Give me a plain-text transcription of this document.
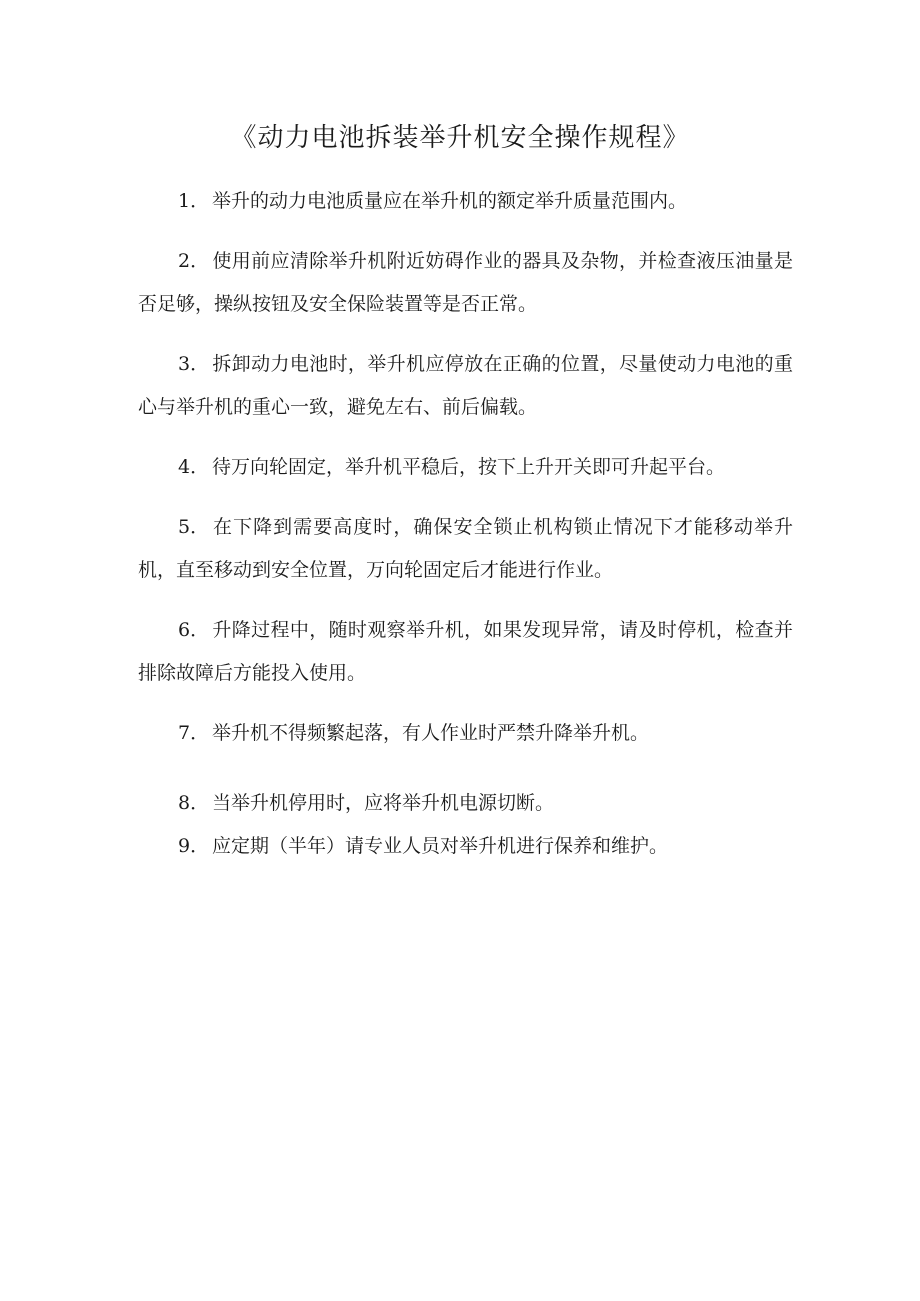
《动力电池拆装举升机安全操作规程》
1． 举升的动力电池质量应在举升机的额定举升质量范围内。
2． 使用前应清除举升机附近妨碍作业的器具及杂物，并检查液压油量是否足够，操纵按钮及安全保险装置等是否正常。
3． 拆卸动力电池时，举升机应停放在正确的位置，尽量使动力电池的重心与举升机的重心一致，避免左右、前后偏载。
4． 待万向轮固定，举升机平稳后，按下上升开关即可升起平台。
5． 在下降到需要高度时，确保安全锁止机构锁止情况下才能移动举升机，直至移动到安全位置，万向轮固定后才能进行作业。
6． 升降过程中，随时观察举升机，如果发现异常，请及时停机，检查并排除故障后方能投入使用。
7． 举升机不得频繁起落，有人作业时严禁升降举升机。
8． 当举升机停用时，应将举升机电源切断。
9． 应定期（半年）请专业人员对举升机进行保养和维护。
